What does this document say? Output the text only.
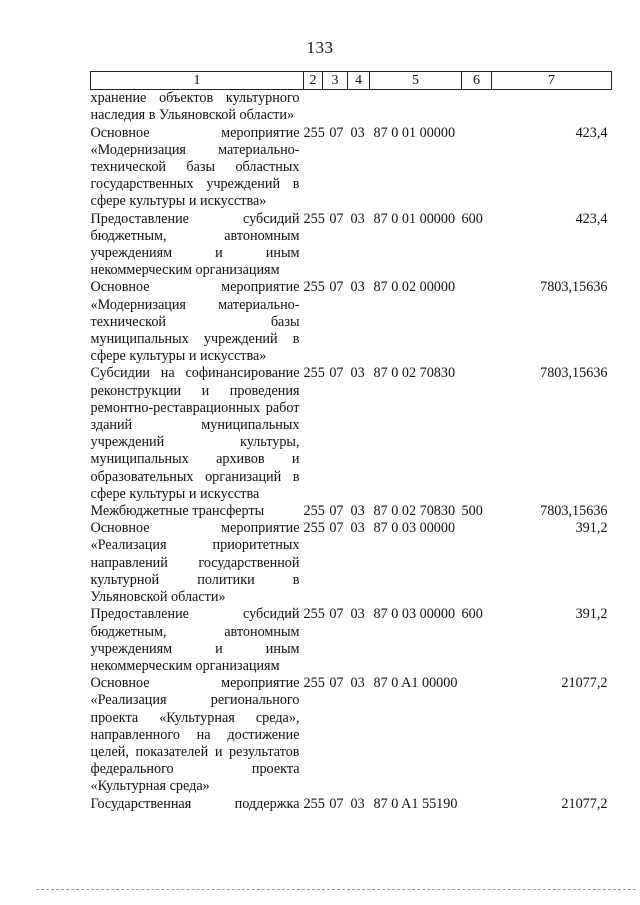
133
1	2	3	4	5	6	7
хранение объектов культурного наследия в Ульяновской области»						
Основное мероприятие «Модернизация материально-технической базы областных государственных учреждений в сфере культуры и искусства»	255	07	03	87 0 01 00000		423,4
Предоставление субсидий бюджетным, автономным учреждениям и иным некоммерческим организациям	255	07	03	87 0 01 00000	600	423,4
Основное мероприятие «Модернизация материально-технической базы муниципальных учреждений в сфере культуры и искусства»	255	07	03	87 0 02 00000		7803,15636
Субсидии на софинансирование реконструкции и проведения ремонтно-реставрационных работ зданий муниципальных учреждений культуры, муниципальных архивов и образовательных организаций в сфере культуры и искусства	255	07	03	87 0 02 70830		7803,15636
Межбюджетные трансферты	255	07	03	87 0 02 70830	500	7803,15636
Основное мероприятие «Реализация приоритетных направлений государственной культурной политики в Ульяновской области»	255	07	03	87 0 03 00000		391,2
Предоставление субсидий бюджетным, автономным учреждениям и иным некоммерческим организациям	255	07	03	87 0 03 00000	600	391,2
Основное мероприятие «Реализация регионального проекта «Культурная среда», направленного на достижение целей, показателей и результатов федерального проекта «Культурная среда»	255	07	03	87 0 A1 00000		21077,2
Государственная поддержка	255	07	03	87 0 A1 55190		21077,2
